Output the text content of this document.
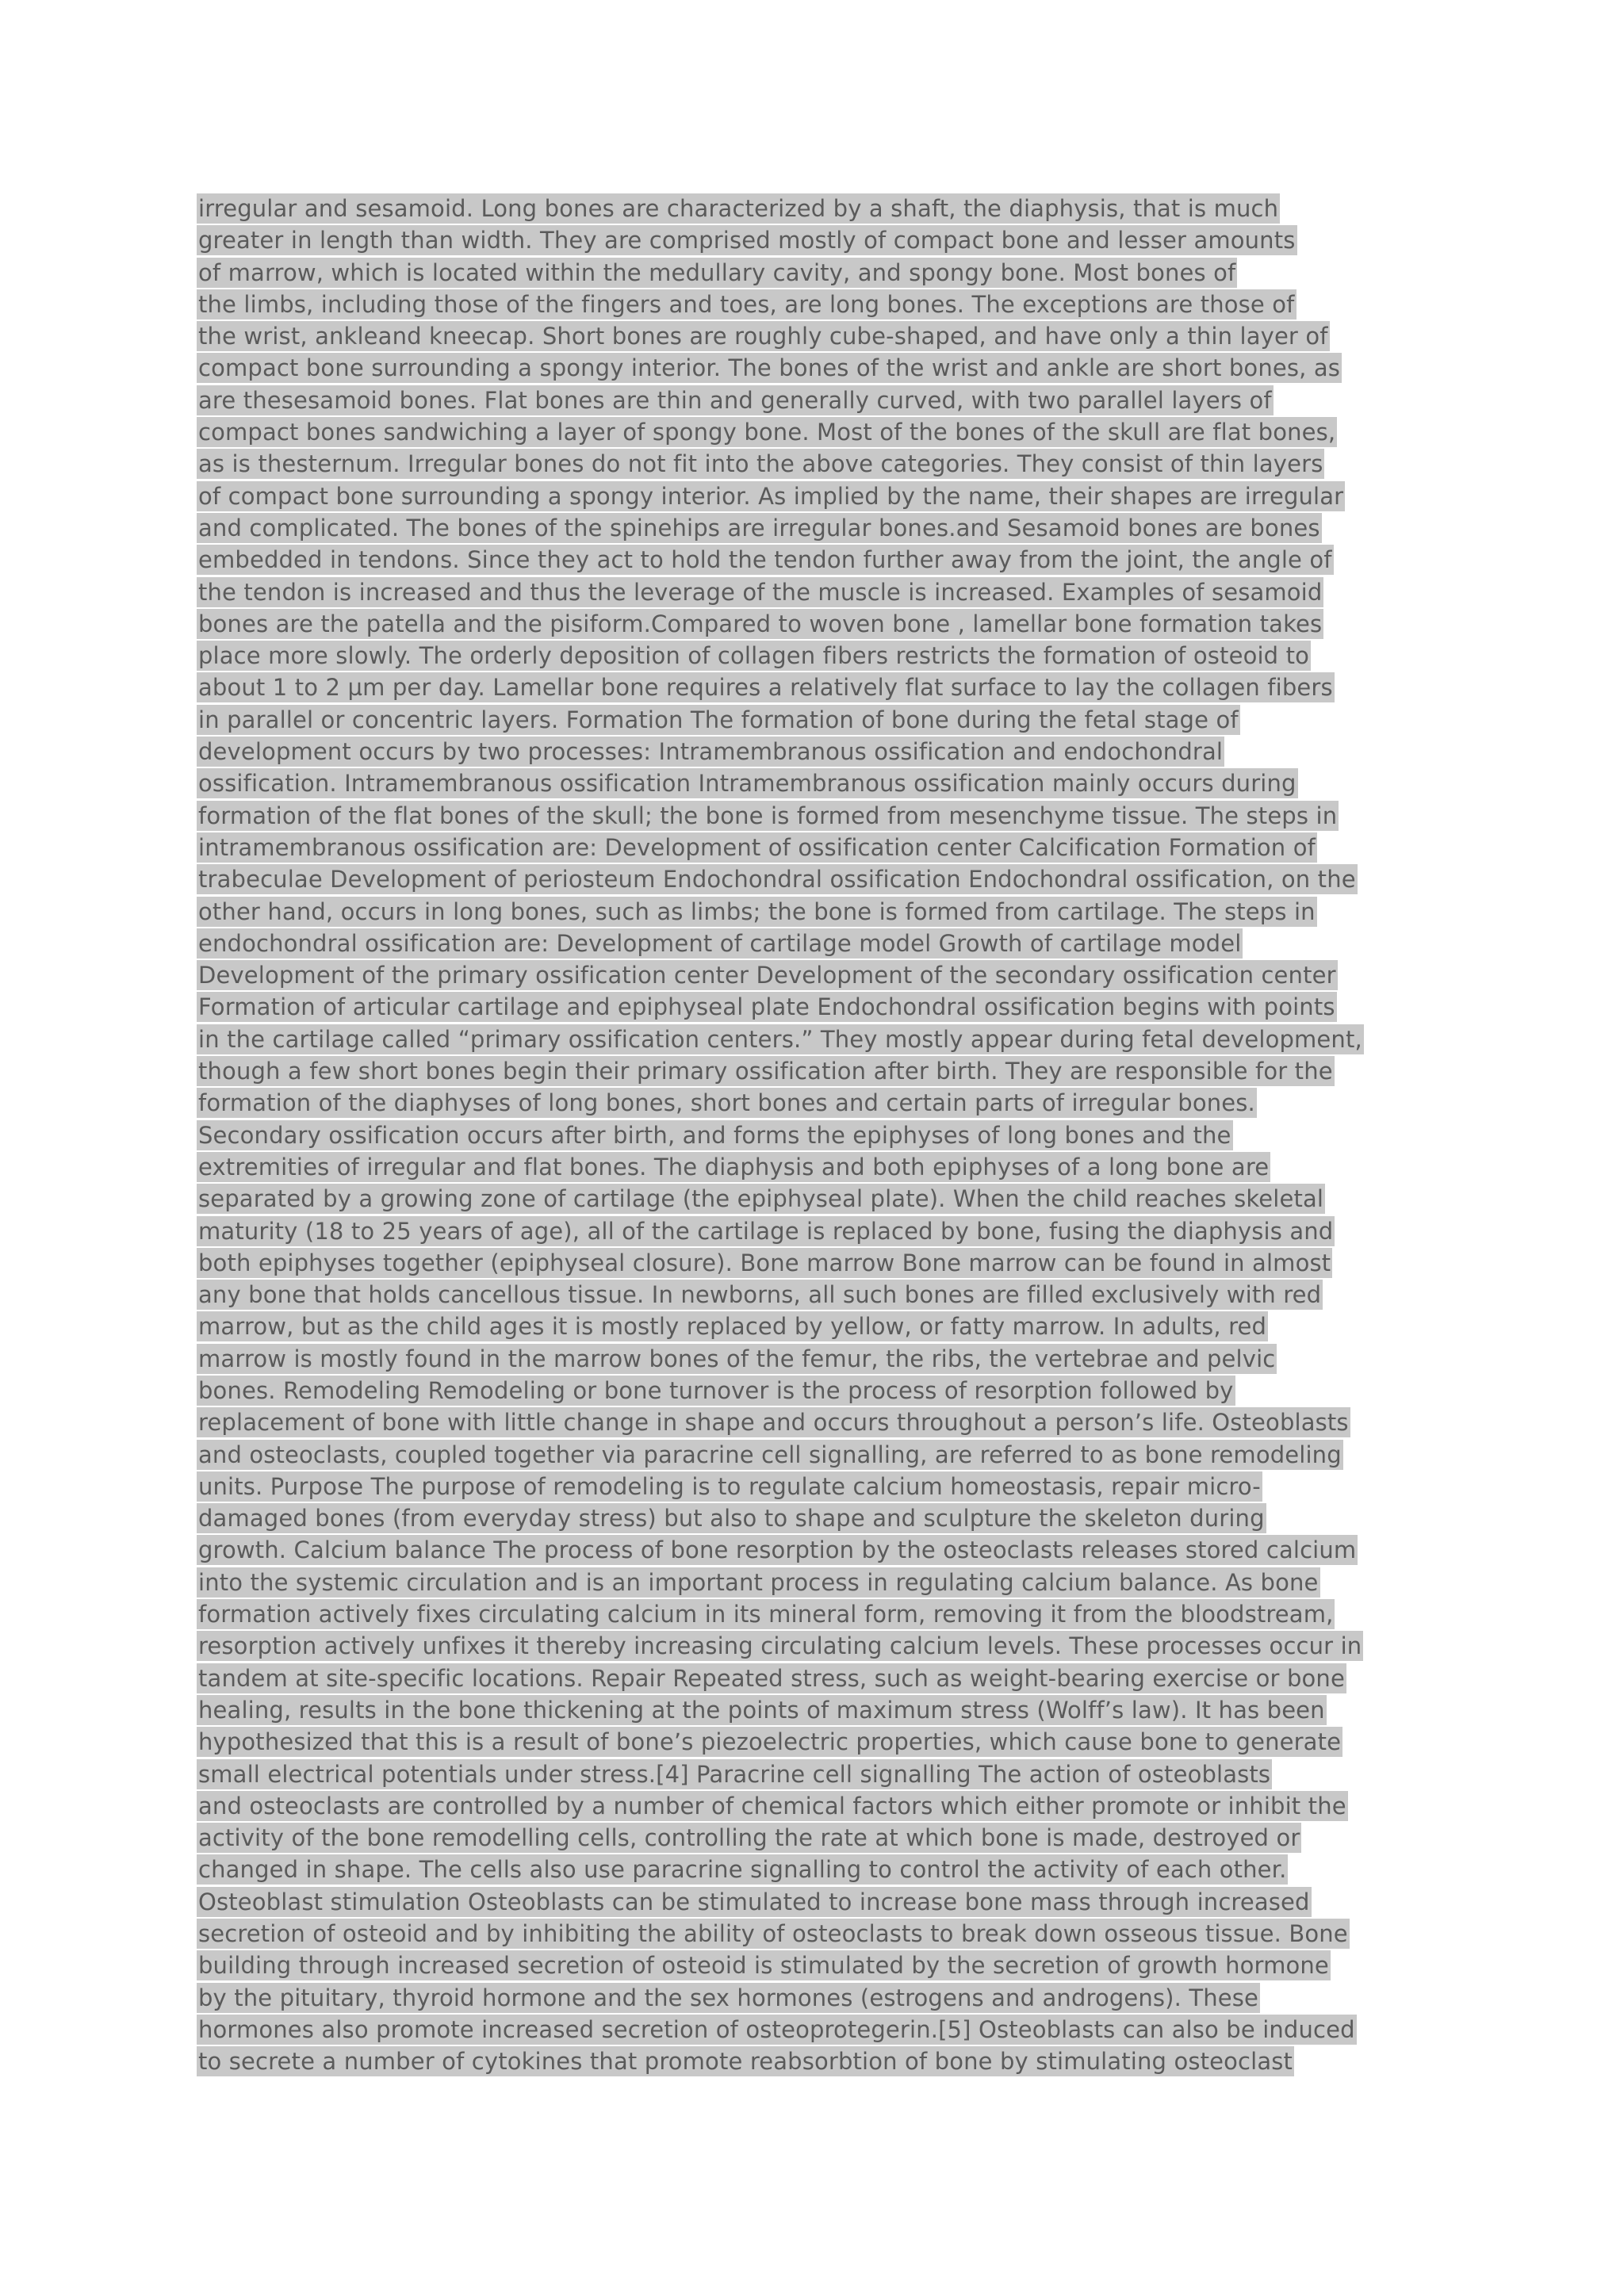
irregular and sesamoid. Long bones are characterized by a shaft, the diaphysis, that is much
greater in length than width. They are comprised mostly of compact bone and lesser amounts
of marrow, which is located within the medullary cavity, and spongy bone. Most bones of
the limbs, including those of the fingers and toes, are long bones. The exceptions are those of
the wrist, ankleand kneecap. Short bones are roughly cube-shaped, and have only a thin layer of
compact bone surrounding a spongy interior. The bones of the wrist and ankle are short bones, as
are thesesamoid bones. Flat bones are thin and generally curved, with two parallel layers of
compact bones sandwiching a layer of spongy bone. Most of the bones of the skull are flat bones,
as is thesternum. Irregular bones do not fit into the above categories. They consist of thin layers
of compact bone surrounding a spongy interior. As implied by the name, their shapes are irregular
and complicated. The bones of the spinehips are irregular bones.and Sesamoid bones are bones
embedded in tendons. Since they act to hold the tendon further away from the joint, the angle of
the tendon is increased and thus the leverage of the muscle is increased. Examples of sesamoid
bones are the patella and the pisiform.Compared to woven bone , lamellar bone formation takes
place more slowly. The orderly deposition of collagen fibers restricts the formation of osteoid to
about 1 to 2 µm per day. Lamellar bone requires a relatively flat surface to lay the collagen fibers
in parallel or concentric layers. Formation The formation of bone during the fetal stage of
development occurs by two processes: Intramembranous ossification and endochondral
ossification. Intramembranous ossification Intramembranous ossification mainly occurs during
formation of the flat bones of the skull; the bone is formed from mesenchyme tissue. The steps in
intramembranous ossification are: Development of ossification center Calcification Formation of
trabeculae Development of periosteum Endochondral ossification Endochondral ossification, on the
other hand, occurs in long bones, such as limbs; the bone is formed from cartilage. The steps in
endochondral ossification are: Development of cartilage model Growth of cartilage model
Development of the primary ossification center Development of the secondary ossification center
Formation of articular cartilage and epiphyseal plate Endochondral ossification begins with points
in the cartilage called “primary ossification centers.” They mostly appear during fetal development,
though a few short bones begin their primary ossification after birth. They are responsible for the
formation of the diaphyses of long bones, short bones and certain parts of irregular bones.
Secondary ossification occurs after birth, and forms the epiphyses of long bones and the
extremities of irregular and flat bones. The diaphysis and both epiphyses of a long bone are
separated by a growing zone of cartilage (the epiphyseal plate). When the child reaches skeletal
maturity (18 to 25 years of age), all of the cartilage is replaced by bone, fusing the diaphysis and
both epiphyses together (epiphyseal closure). Bone marrow Bone marrow can be found in almost
any bone that holds cancellous tissue. In newborns, all such bones are filled exclusively with red
marrow, but as the child ages it is mostly replaced by yellow, or fatty marrow. In adults, red
marrow is mostly found in the marrow bones of the femur, the ribs, the vertebrae and pelvic
bones. Remodeling Remodeling or bone turnover is the process of resorption followed by
replacement of bone with little change in shape and occurs throughout a person’s life. Osteoblasts
and osteoclasts, coupled together via paracrine cell signalling, are referred to as bone remodeling
units. Purpose The purpose of remodeling is to regulate calcium homeostasis, repair micro-
damaged bones (from everyday stress) but also to shape and sculpture the skeleton during
growth. Calcium balance The process of bone resorption by the osteoclasts releases stored calcium
into the systemic circulation and is an important process in regulating calcium balance. As bone
formation actively fixes circulating calcium in its mineral form, removing it from the bloodstream,
resorption actively unfixes it thereby increasing circulating calcium levels. These processes occur in
tandem at site-specific locations. Repair Repeated stress, such as weight-bearing exercise or bone
healing, results in the bone thickening at the points of maximum stress (Wolff’s law). It has been
hypothesized that this is a result of bone’s piezoelectric properties, which cause bone to generate
small electrical potentials under stress.[4] Paracrine cell signalling The action of osteoblasts
and osteoclasts are controlled by a number of chemical factors which either promote or inhibit the
activity of the bone remodelling cells, controlling the rate at which bone is made, destroyed or
changed in shape. The cells also use paracrine signalling to control the activity of each other.
Osteoblast stimulation Osteoblasts can be stimulated to increase bone mass through increased
secretion of osteoid and by inhibiting the ability of osteoclasts to break down osseous tissue. Bone
building through increased secretion of osteoid is stimulated by the secretion of growth hormone
by the pituitary, thyroid hormone and the sex hormones (estrogens and androgens). These
hormones also promote increased secretion of osteoprotegerin.[5] Osteoblasts can also be induced
to secrete a number of cytokines that promote reabsorbtion of bone by stimulating osteoclast
